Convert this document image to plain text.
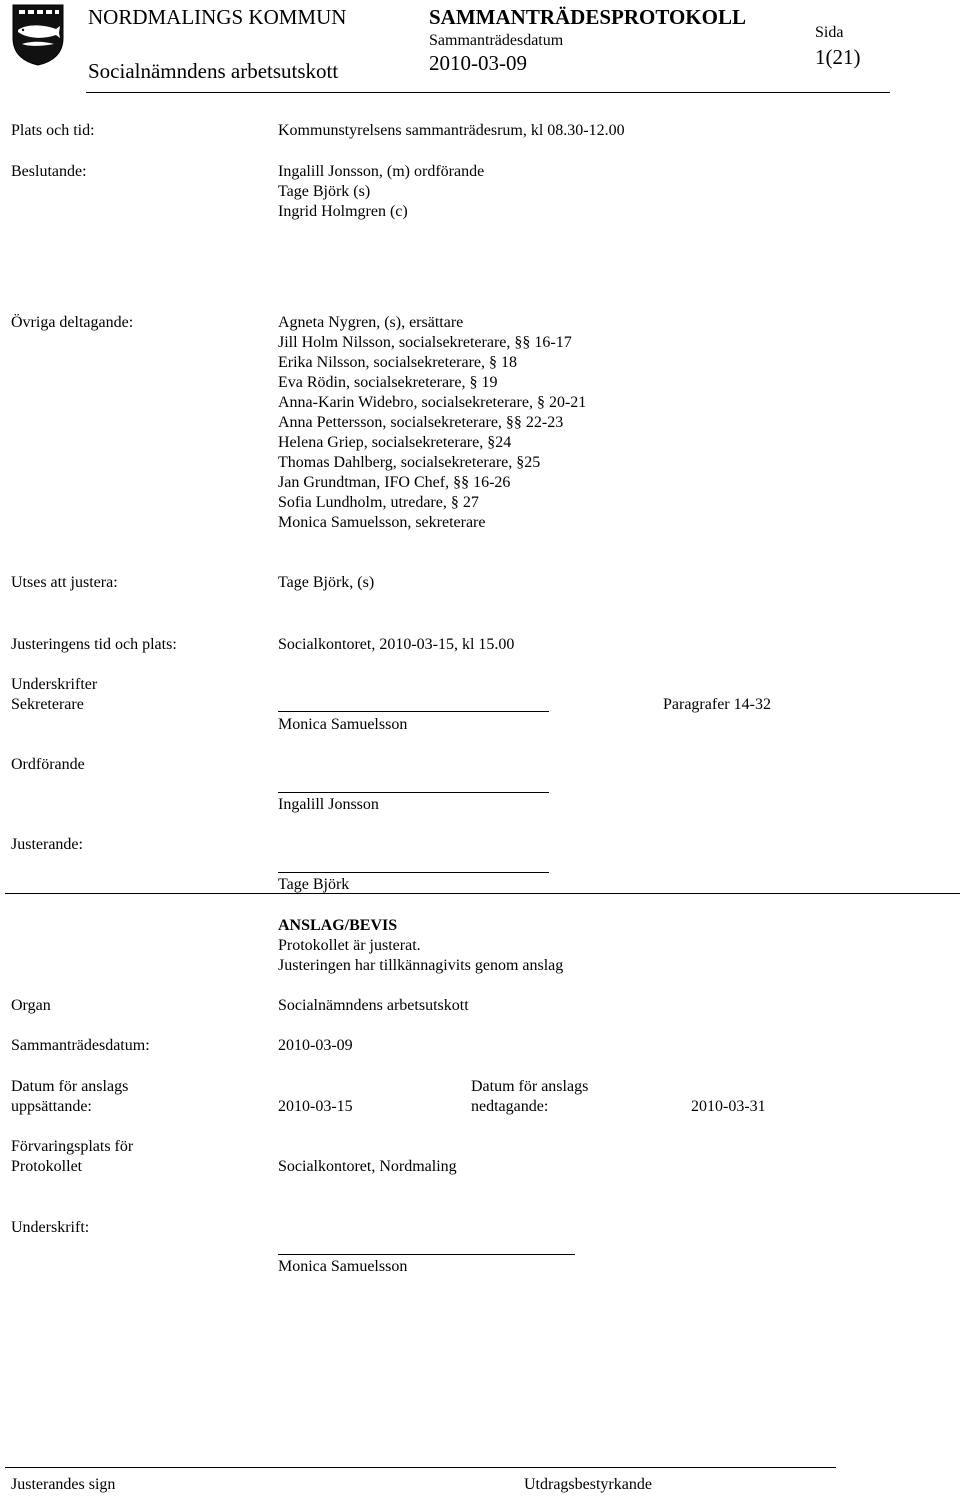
NORDMALINGS KOMMUN
Socialnämndens arbetsutskott
SAMMANTRÄDESPROTOKOLL
Sammanträdesdatum
2010-03-09
Sida
1(21)
Plats och tid:	Kommunstyrelsens sammanträdesrum, kl 08.30-12.00
Beslutande:	Ingalill Jonsson, (m) ordförande
Tage Björk (s)
Ingrid Holmgren (c)
Övriga deltagande:	Agneta Nygren, (s), ersättare
Jill Holm Nilsson, socialsekreterare, §§ 16-17
Erika Nilsson, socialsekreterare, § 18
Eva Rödin, socialsekreterare, § 19
Anna-Karin Widebro, socialsekreterare, § 20-21
Anna Pettersson, socialsekreterare, §§ 22-23
Helena Griep, socialsekreterare, §24
Thomas Dahlberg, socialsekreterare, §25
Jan Grundtman, IFO Chef, §§ 16-26
Sofia Lundholm, utredare, § 27
Monica Samuelsson, sekreterare
Utses att justera:	Tage Björk, (s)
Justeringens tid och plats:	Socialkontoret, 2010-03-15, kl 15.00
Underskrifter
Sekreterare	Paragrafer 14-32
Monica Samuelsson
Ordförande
Ingalill Jonsson
Justerande:
Tage Björk
ANSLAG/BEVIS
Protokollet är justerat.
Justeringen har tillkännagivits genom anslag
Organ	Socialnämndens arbetsutskott
Sammanträdesdatum:	2010-03-09
Datum för anslags
uppsättande:	2010-03-15
Datum för anslags
nedtagande:	2010-03-31
Förvaringsplats för
Protokollet	Socialkontoret, Nordmaling
Underskrift:
Monica Samuelsson
Justerandes sign	Utdragsbestyrkande
